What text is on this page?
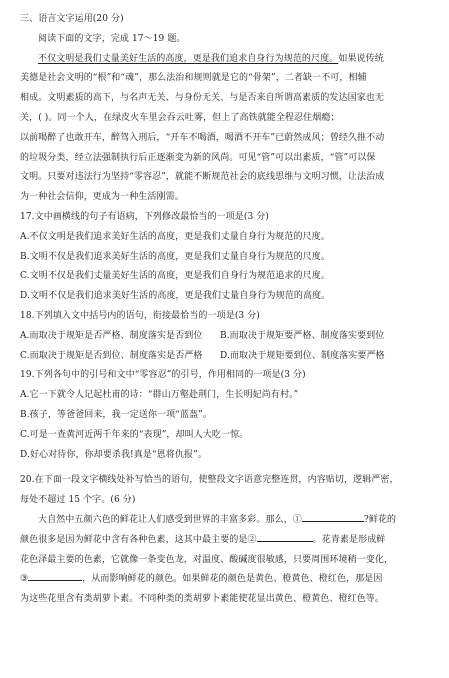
三、语言文字运用(20 分)
阅读下面的文字，完成 17～19 题。
不仅文明是我们丈量美好生活的高度，更是我们追求自身行为规范的尺度。如果说传统
美德是社会文明的“根”和“魂”，那么法治和规则就是它的“骨架”，二者缺一不可，相辅
相成。文明素质的高下，与名声无关、与身份无关、与是否来自所谓高素质的发达国家也无
关，( )。同一个人，在绿皮火车里会吞云吐雾，但上了高铁就能全程忍住烟瘾；
以前喝醉了也敢开车，醉驾入刑后，“开车不喝酒，喝酒不开车”已蔚然成风；曾经久推不动
的垃圾分类，经立法强制执行后正逐渐变为新的风尚。可见“管”可以出素质，“管”可以保
文明。只要对违法行为坚持“零容忍”，就能不断规范社会的底线思维与文明习惯，让法治成
为一种社会信仰，更成为一种生活刚需。
17.文中画横线的句子有语病，下列修改最恰当的一项是(3 分)
A.不仅文明是我们追求美好生活的高度，更是我们丈量自身行为规范的尺度。
B.文明不仅是我们追求美好生活的高度，更是我们丈量自身行为规范的尺度。
C.文明不仅是我们丈量美好生活的高度，更是我们自身行为规范追求的尺度。
D.文明不仅是我们追求美好生活的高度，更是我们丈量自身行为规范的高度。
18.下列填入文中括号内的语句，衔接最恰当的一项是(3 分)
A.而取决于规矩是否严格、制度落实是否到位 B.而取决于规矩要严格、制度落实要到位
C.而取决于规矩是否到位、制度落实是否严格 D.而取决于规矩要到位、制度落实要严格
19.下列各句中的引号和文中“零容忍”的引号，作用相同的一项是(3 分)
A.它一下就令人记起杜甫的诗：“群山万壑赴荆门，生长明妃尚有村。”
B.孩子，等爸爸回来，我一定送你一项“蓝盔”。
C.可是一查黄河近两千年来的“表现”，却叫人大吃一惊。
D.好心对待你，你却要杀我!真是“恩将仇报”。
20.在下面一段文字横线处补写恰当的语句，使整段文字语意完整连贯，内容贴切，逻辑严密，
每处不超过 15 个字。(6 分)
大自然中五颜六色的鲜花让人们感受到世界的丰富多彩。那么，①	?鲜花的
颜色很多是因为鲜花中含有各种色素，这其中最主要的是②	。花青素是形成鲜
花色泽最主要的色素，它就像一条变色龙，对温度、酸碱度很敏感，只要周围环境稍一变化，
③	，从而影响鲜花的颜色。如果鲜花的颜色是黄色、橙黄色、橙红色，那是因
为这些花里含有类胡萝卜素。不同种类的类胡萝卜素能使花显出黄色、橙黄色、橙红色等。
